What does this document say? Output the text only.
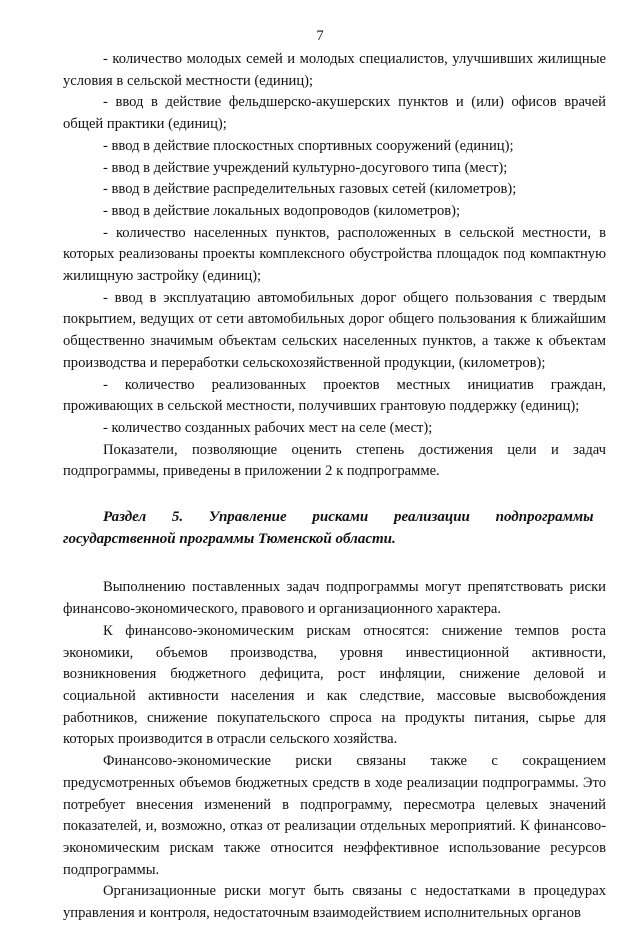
7

- количество молодых семей и молодых специалистов, улучшивших жилищные условия в сельской местности (единиц);

- ввод в действие фельдшерско-акушерских пунктов и (или) офисов врачей общей практики (единиц);

- ввод в действие плоскостных спортивных сооружений (единиц);

- ввод в действие учреждений культурно-досугового типа (мест);

- ввод в действие распределительных газовых сетей (километров);

- ввод в действие локальных водопроводов (километров);

- количество населенных пунктов, расположенных в сельской местности, в которых реализованы проекты комплексного обустройства площадок под компактную жилищную застройку (единиц);

- ввод в эксплуатацию автомобильных дорог общего пользования с твердым покрытием, ведущих от сети автомобильных дорог общего пользования к ближайшим общественно значимым объектам сельских населенных пунктов, а также к объектам производства и переработки сельскохозяйственной продукции, (километров);

- количество реализованных проектов местных инициатив граждан, проживающих в сельской местности, получивших грантовую поддержку (единиц);

- количество созданных рабочих мест на селе (мест);

Показатели, позволяющие оценить степень достижения цели и задач подпрограммы, приведены в приложении 2 к подпрограмме.

Раздел 5. Управление рисками реализации подпрограммы
государственной программы Тюменской области.

Выполнению поставленных задач подпрограммы могут препятствовать риски финансово-экономического, правового и организационного характера.

К финансово-экономическим рискам относятся: снижение темпов роста экономики, объемов производства, уровня инвестиционной активности, возникновения бюджетного дефицита, рост инфляции, снижение деловой и социальной активности населения и как следствие, массовые высвобождения работников, снижение покупательского спроса на продукты питания, сырье для которых производится в отрасли сельского хозяйства.

Финансово-экономические риски связаны также с сокращением предусмотренных объемов бюджетных средств в ходе реализации подпрограммы. Это потребует внесения изменений в подпрограмму, пересмотра целевых значений показателей, и, возможно, отказ от реализации отдельных мероприятий. К финансово-экономическим рискам также относится неэффективное использование ресурсов подпрограммы.

Организационные риски могут быть связаны с недостатками в процедурах управления и контроля, недостаточным взаимодействием исполнительных органов
